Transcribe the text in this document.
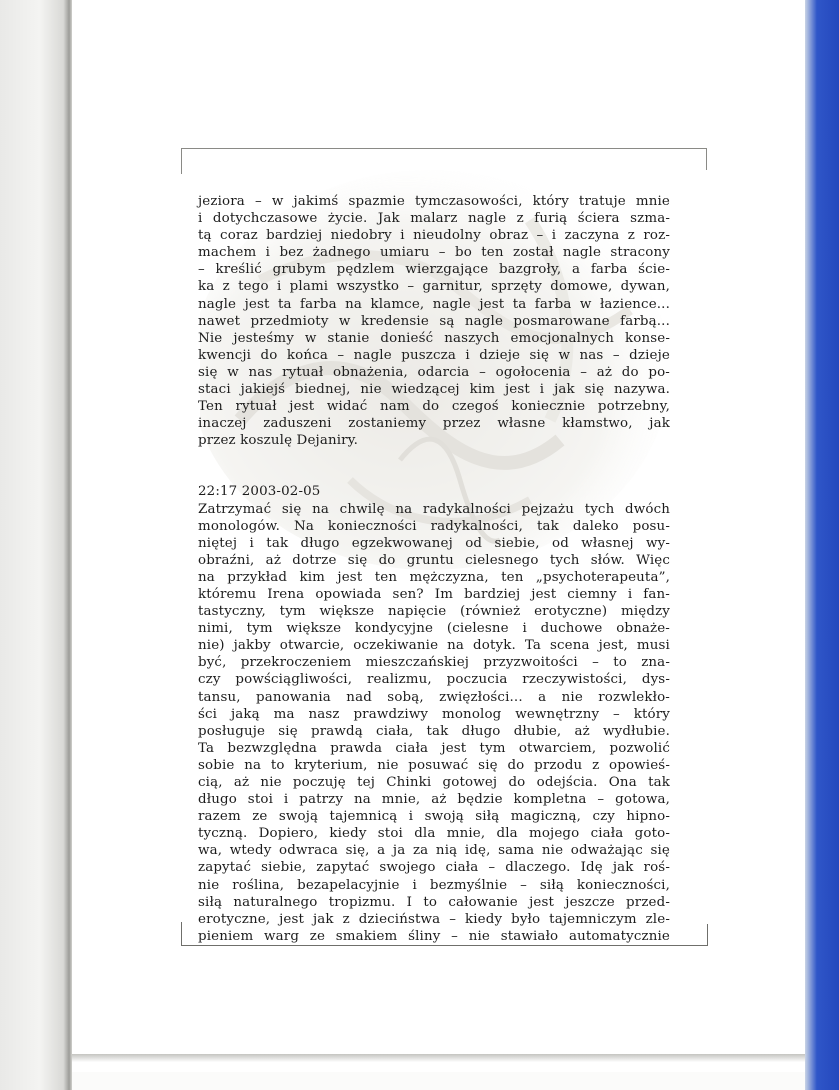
jeziora – w jakimś spazmie tymczasowości, który tratuje mnie
i dotychczasowe życie. Jak malarz nagle z furią ściera szma-
tą coraz bardziej niedobry i nieudolny obraz – i zaczyna z roz-
machem i bez żadnego umiaru – bo ten został nagle stracony
– kreślić grubym pędzlem wierzgające bazgroły, a farba ście-
ka z tego i plami wszystko – garnitur, sprzęty domowe, dywan,
nagle jest ta farba na klamce, nagle jest ta farba w łazience...
nawet przedmioty w kredensie są nagle posmarowane farbą...
Nie jesteśmy w stanie donieść naszych emocjonalnych konse-
kwencji do końca – nagle puszcza i dzieje się w nas – dzieje
się w nas rytuał obnażenia, odarcia – ogołocenia – aż do po-
staci jakiejś biednej, nie wiedzącej kim jest i jak się nazywa.
Ten rytuał jest widać nam do czegoś koniecznie potrzebny,
inaczej zaduszeni zostaniemy przez własne kłamstwo, jak
przez koszulę Dejaniry.
22:17 2003-02-05
Zatrzymać się na chwilę na radykalności pejzażu tych dwóch
monologów. Na konieczności radykalności, tak daleko posu-
niętej i tak długo egzekwowanej od siebie, od własnej wy-
obraźni, aż dotrze się do gruntu cielesnego tych słów. Więc
na przykład kim jest ten mężczyzna, ten „psychoterapeuta”,
któremu Irena opowiada sen? Im bardziej jest ciemny i fan-
tastyczny, tym większe napięcie (również erotyczne) między
nimi, tym większe kondycyjne (cielesne i duchowe obnaże-
nie) jakby otwarcie, oczekiwanie na dotyk. Ta scena jest, musi
być, przekroczeniem mieszczańskiej przyzwoitości – to zna-
czy powściągliwości, realizmu, poczucia rzeczywistości, dys-
tansu, panowania nad sobą, zwięzłości... a nie rozwlekło-
ści jaką ma nasz prawdziwy monolog wewnętrzny – który
posługuje się prawdą ciała, tak długo dłubie, aż wydłubie.
Ta bezwzględna prawda ciała jest tym otwarciem, pozwolić
sobie na to kryterium, nie posuwać się do przodu z opowieś-
cią, aż nie poczuję tej Chinki gotowej do odejścia. Ona tak
długo stoi i patrzy na mnie, aż będzie kompletna – gotowa,
razem ze swoją tajemnicą i swoją siłą magiczną, czy hipno-
tyczną. Dopiero, kiedy stoi dla mnie, dla mojego ciała goto-
wa, wtedy odwraca się, a ja za nią idę, sama nie odważając się
zapytać siebie, zapytać swojego ciała – dlaczego. Idę jak roś-
nie roślina, bezapelacyjnie i bezmyślnie – siłą konieczności,
siłą naturalnego tropizmu. I to całowanie jest jeszcze przed-
erotyczne, jest jak z dzieciństwa – kiedy było tajemniczym zle-
pieniem warg ze smakiem śliny – nie stawiało automatycznie
